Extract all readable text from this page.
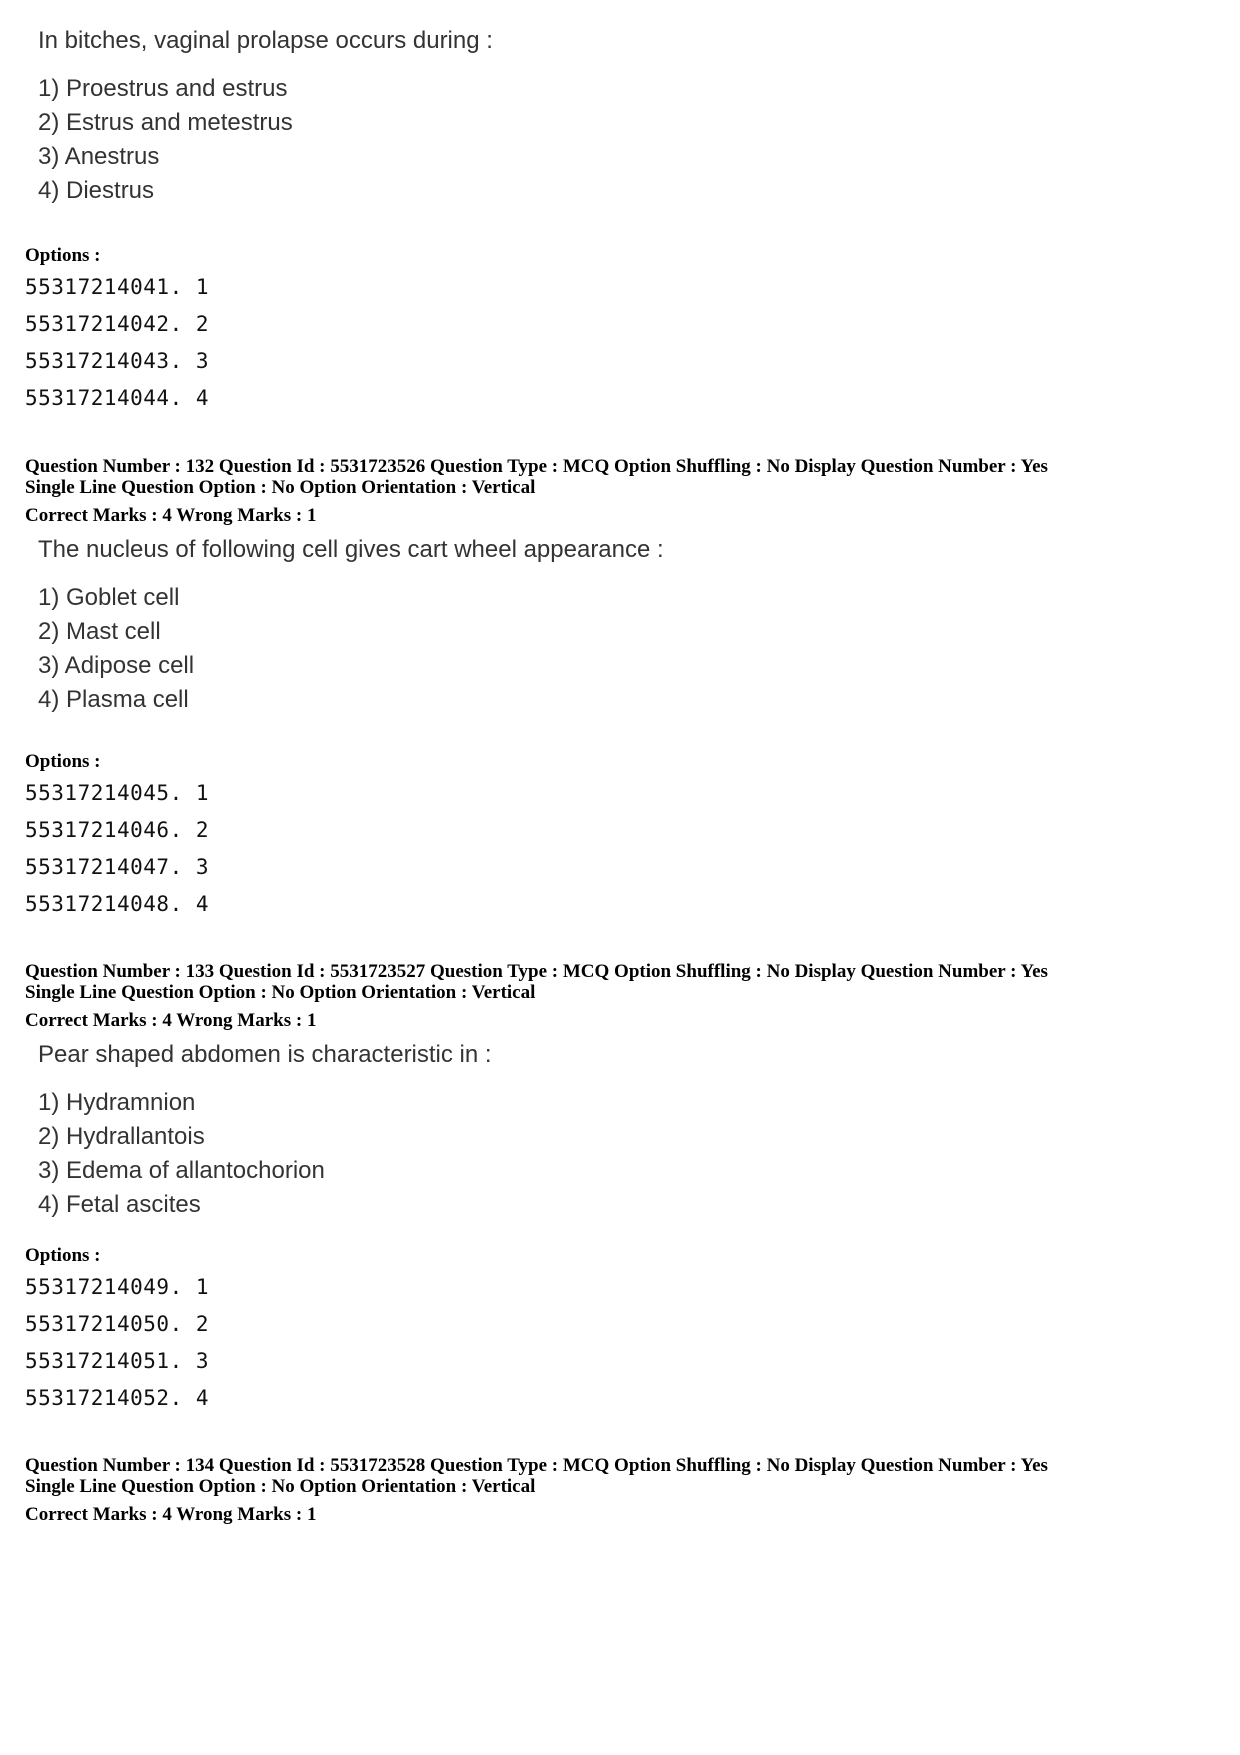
In bitches, vaginal prolapse occurs during :

1) Proestrus and estrus

2) Estrus and metestrus

3) Anestrus

4) Diestrus

Options :

55317214041. 1

55317214042. 2

55317214043. 3

55317214044. 4

Question Number : 132 Question Id : 5531723526 Question Type : MCQ Option Shuffling : No Display Question Number : Yes

Single Line Question Option : No Option Orientation : Vertical

Correct Marks : 4 Wrong Marks : 1

The nucleus of following cell gives cart wheel appearance :

1) Goblet cell

2) Mast cell

3) Adipose cell

4) Plasma cell

Options :

55317214045. 1

55317214046. 2

55317214047. 3

55317214048. 4

Question Number : 133 Question Id : 5531723527 Question Type : MCQ Option Shuffling : No Display Question Number : Yes

Single Line Question Option : No Option Orientation : Vertical

Correct Marks : 4 Wrong Marks : 1

Pear shaped abdomen is characteristic in :

1) Hydramnion

2) Hydrallantois

3) Edema of allantochorion

4) Fetal ascites

Options :

55317214049. 1

55317214050. 2

55317214051. 3

55317214052. 4

Question Number : 134 Question Id : 5531723528 Question Type : MCQ Option Shuffling : No Display Question Number : Yes

Single Line Question Option : No Option Orientation : Vertical

Correct Marks : 4 Wrong Marks : 1
